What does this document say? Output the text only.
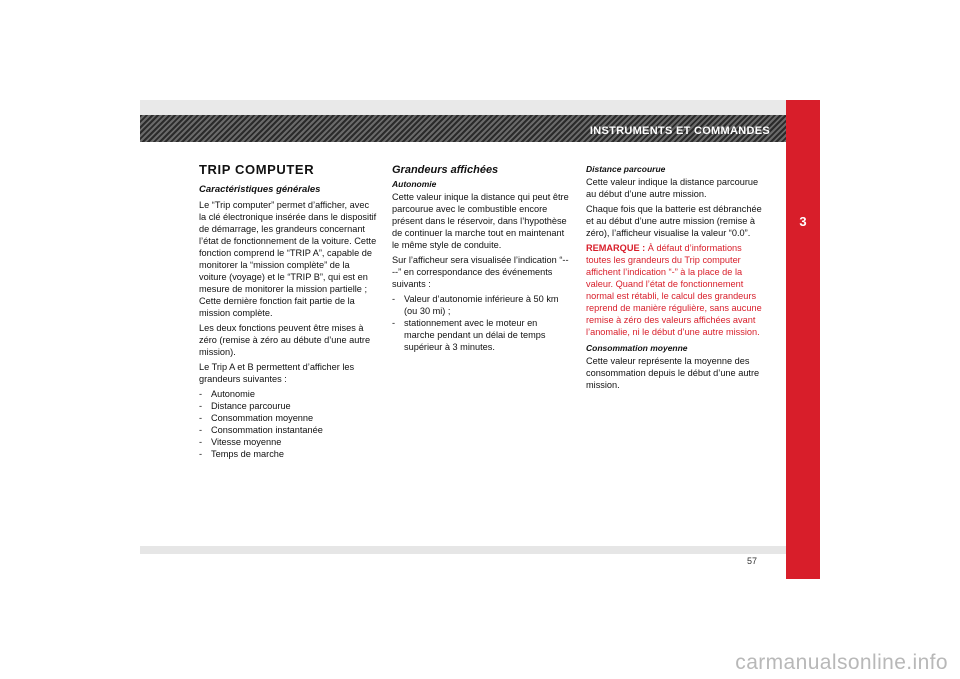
INSTRUMENTS ET COMMANDES
3
TRIP COMPUTER
Caractéristiques générales

Le “Trip computer” permet d’afficher, avec la clé électronique insérée dans le dispositif de démarrage, les grandeurs concernant l’état de fonctionnement de la voiture. Cette fonction comprend le “TRIP A”, capable de monitorer la “mission complète” de la voiture (voyage) et le “TRIP B”, qui est en mesure de monitorer la mission partielle ; Cette dernière fonction fait partie de la mission complète.

Les deux fonctions peuvent être mises à zéro (remise à zéro au débute d’une autre mission).

Le Trip A et B permettent d’afficher les grandeurs suivantes :

- Autonomie
- Distance parcourue
- Consommation moyenne
- Consommation instantanée
- Vitesse moyenne
- Temps de marche
Grandeurs affichées
Autonomie

Cette valeur inique la distance qui peut être parcourue avec le combustible encore présent dans le réservoir, dans l’hypothèse de continuer la marche tout en maintenant le même style de conduite.

Sur l’afficheur sera visualisée l’indication “----” en correspondance des événements suivants :

- Valeur d’autonomie inférieure à 50 km (ou 30 mi) ;
- stationnement avec le moteur en marche pendant un délai de temps supérieur à 3 minutes.
Distance parcourue

Cette valeur indique la distance parcourue au début d’une autre mission.

Chaque fois que la batterie est débranchée et au début d’une autre mission (remise à zéro), l’afficheur visualise la valeur “0.0”.

REMARQUE : À défaut d’informations toutes les grandeurs du Trip computer affichent l’indication “-” à la place de la valeur. Quand l’état de fonctionnement normal est rétabli, le calcul des grandeurs reprend de manière régulière, sans aucune remise à zéro des valeurs affichées avant l’anomalie, ni le début d’une autre mission.

Consommation moyenne

Cette valeur représente la moyenne des consommation depuis le début d’une autre mission.

57
carmanualsonline.info
